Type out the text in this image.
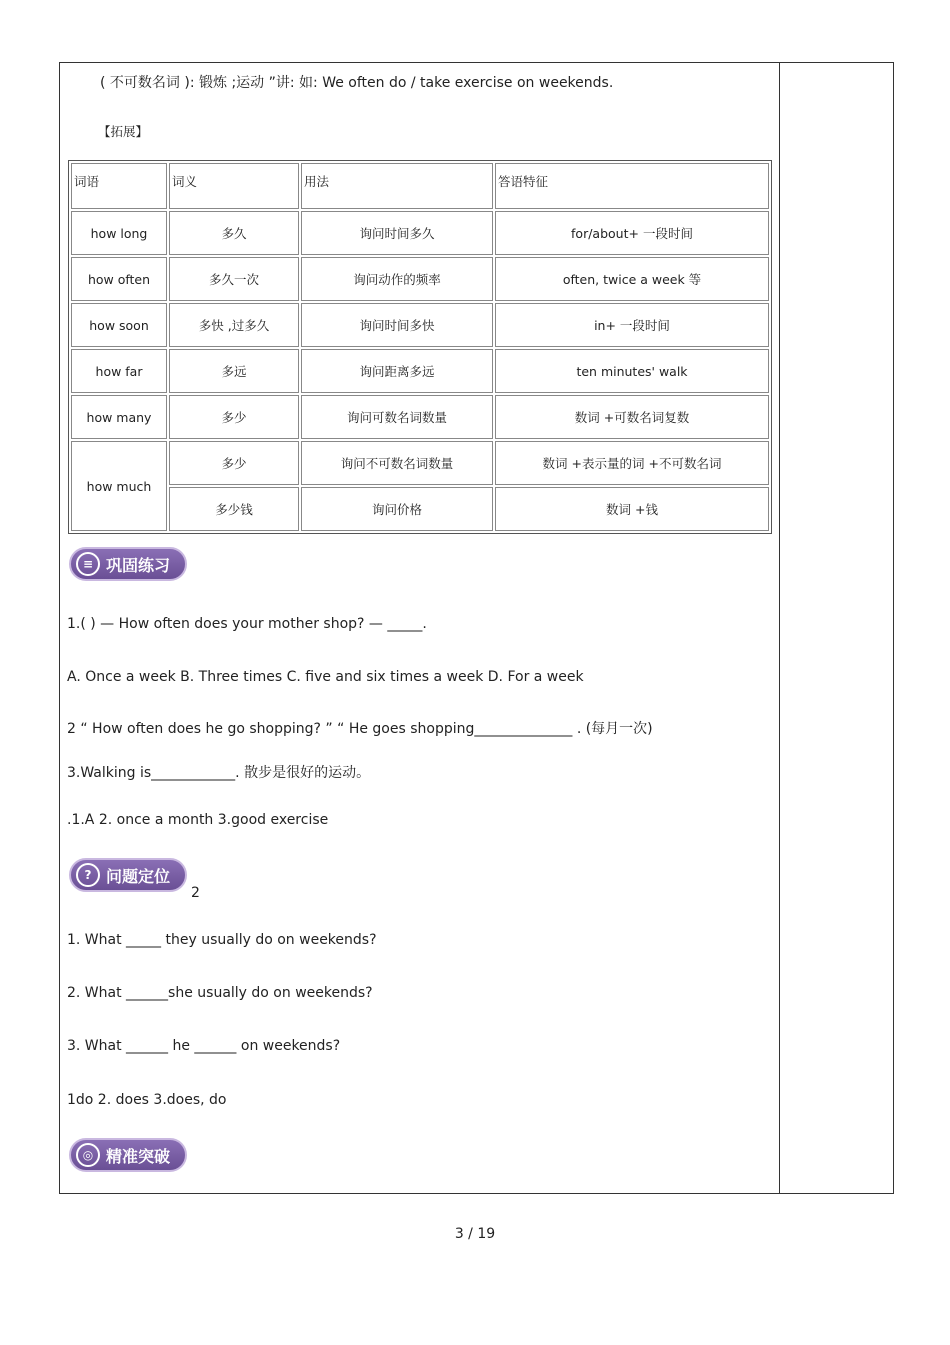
( 不可数名词 ): 锻炼 ;运动 ”讲: 如: We often do / take exercise on weekends.
【拓展】
词语	词义	用法	答语特征
how long	多久	询问时间多久	for/about+ 一段时间
how often	多久一次	询问动作的频率	often, twice a week 等
how soon	多快 ,过多久	询问时间多快	in+ 一段时间
how far	多远	询问距离多远	ten minutes' walk
how many	多少	询问可数名词数量	数词 +可数名词复数
how much	多少	询问不可数名词数量	数词 +表示量的词 +不可数名词
	多少钱	询问价格	数词 +钱
≡ 巩固练习
1.( ) — How often does your mother shop? — _____.
A. Once a week B. Three times C. five and six times a week D. For a week
2 “ How often does he go shopping? ” “ He goes shopping______________ . (每月一次)
3.Walking is____________. 散步是很好的运动。
.1.A 2. once a month 3.good exercise
? 问题定位
2
1. What _____ they usually do on weekends?
2. What ______she usually do on weekends?
3. What ______ he ______ on weekends?
1do 2. does 3.does, do
◎ 精准突破
3 / 19
